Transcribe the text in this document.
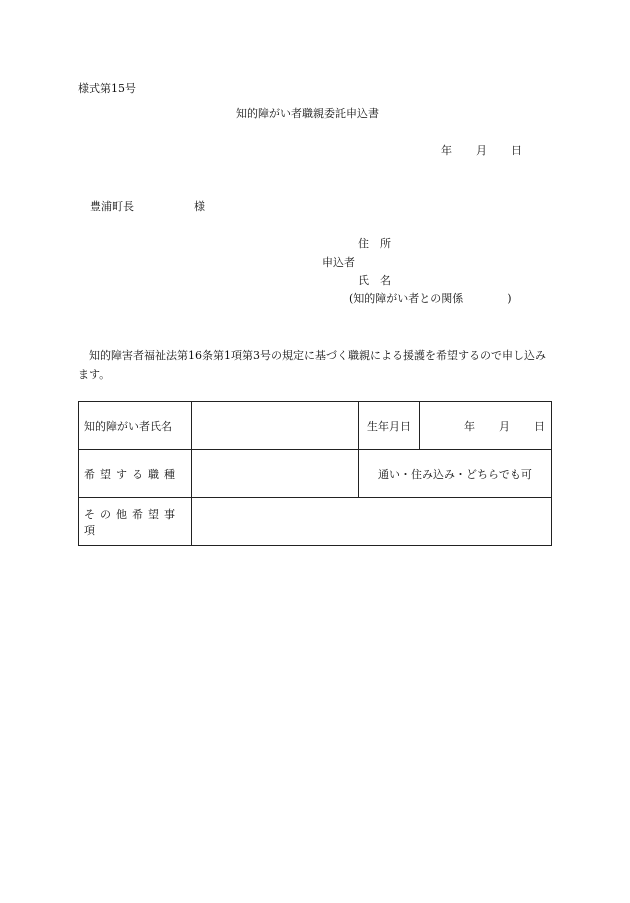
様式第15号
知的障がい者職親委託申込書
年 月 日
豊浦町長	様
住　所
申込者
氏　名
(知的障がい者との関係	)
知的障害者福祉法第16条第1項第3号の規定に基づく職親による援護を希望するので申し込みます。
知的障がい者氏名		生年月日	年 月 日
希望する職種		通い・住み込み・どちらでも可	
その他希望事項			
